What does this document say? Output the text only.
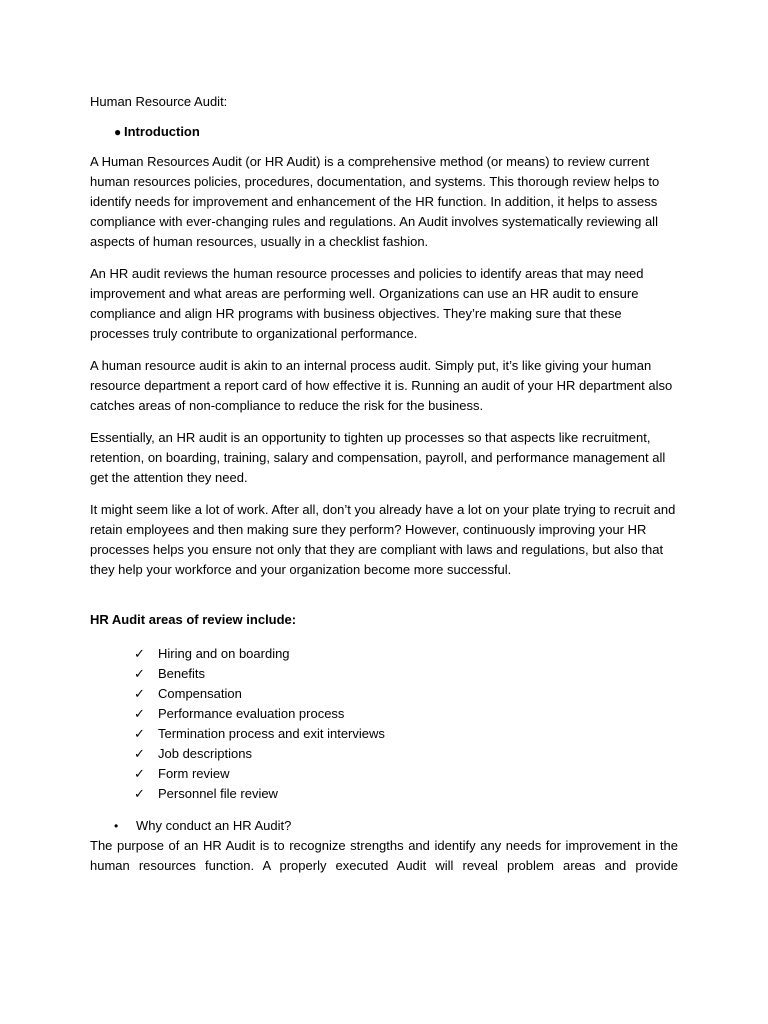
Human Resource Audit:
● Introduction

A Human Resources Audit (or HR Audit) is a comprehensive method (or means) to review current human resources policies, procedures, documentation, and systems. This thorough review helps to identify needs for improvement and enhancement of the HR function. In addition, it helps to assess compliance with ever-changing rules and regulations. An Audit involves systematically reviewing all aspects of human resources, usually in a checklist fashion.

An HR audit reviews the human resource processes and policies to identify areas that may need improvement and what areas are performing well. Organizations can use an HR audit to ensure compliance and align HR programs with business objectives. They’re making sure that these processes truly contribute to organizational performance.

A human resource audit is akin to an internal process audit. Simply put, it’s like giving your human resource department a report card of how effective it is. Running an audit of your HR department also catches areas of non-compliance to reduce the risk for the business.

Essentially, an HR audit is an opportunity to tighten up processes so that aspects like recruitment, retention, on boarding, training, salary and compensation, payroll, and performance management all get the attention they need.

It might seem like a lot of work. After all, don’t you already have a lot on your plate trying to recruit and retain employees and then making sure they perform? However, continuously improving your HR processes helps you ensure not only that they are compliant with laws and regulations, but also that they help your workforce and your organization become more successful.

HR Audit areas of review include:
✓	Hiring and on boarding
✓	Benefits
✓	Compensation
✓	Performance evaluation process
✓	Termination process and exit interviews
✓	Job descriptions
✓	Form review
✓	Personnel file review
•	Why conduct an HR Audit?

The purpose of an HR Audit is to recognize strengths and identify any needs for improvement in the human resources function. A properly executed Audit will reveal problem areas and provide
